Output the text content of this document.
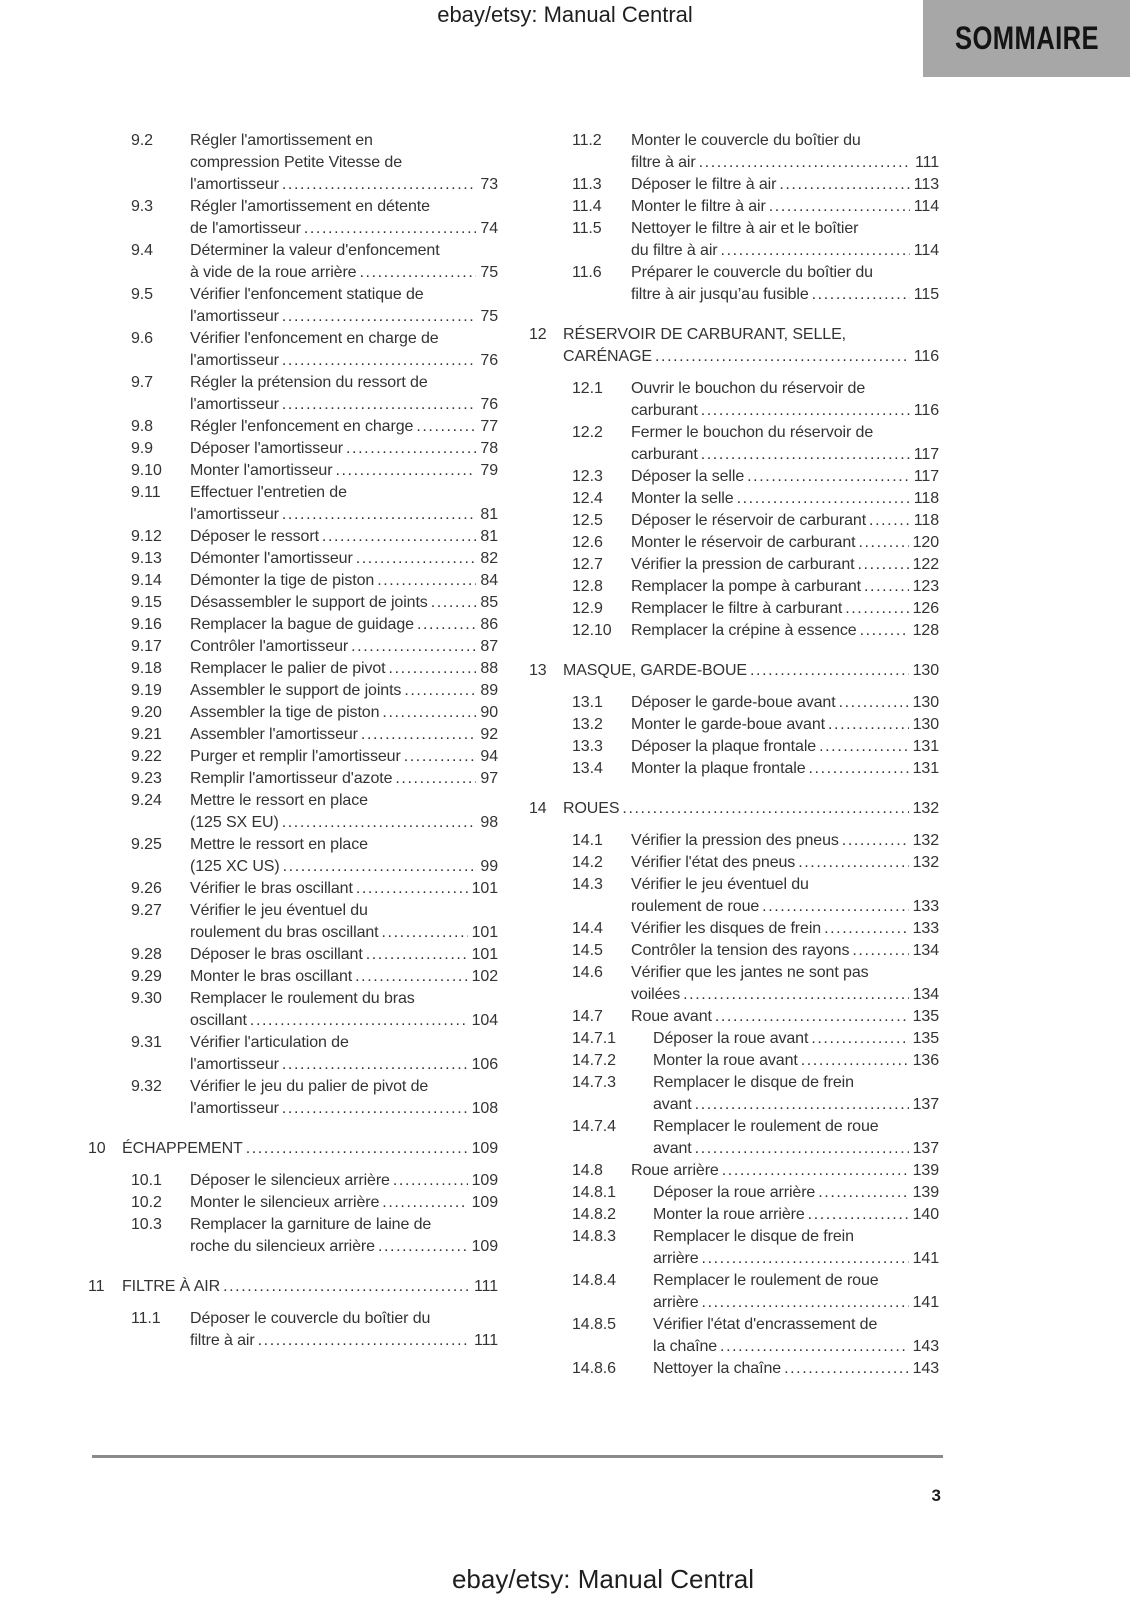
ebay/etsy: Manual Central
SOMMAIRE
9.2	Régler l'amortissement en
compression Petite Vitesse de
l'amortisseur .....	73
9.3	Régler l'amortissement en détente
de l'amortisseur .....	74
9.4	Déterminer la valeur d'enfoncement
à vide de la roue arrière .....	75
9.5	Vérifier l'enfoncement statique de
l'amortisseur .....	75
9.6	Vérifier l'enfoncement en charge de
l'amortisseur .....	76
9.7	Régler la prétension du ressort de
l'amortisseur .....	76
9.8	Régler l'enfoncement en charge .....	77
9.9	Déposer l'amortisseur .....	78
9.10	Monter l'amortisseur .....	79
9.11	Effectuer l'entretien de
l'amortisseur .....	81
9.12	Déposer le ressort .....	81
9.13	Démonter l'amortisseur .....	82
9.14	Démonter la tige de piston .....	84
9.15	Désassembler le support de joints .....	85
9.16	Remplacer la bague de guidage .....	86
9.17	Contrôler l'amortisseur .....	87
9.18	Remplacer le palier de pivot .....	88
9.19	Assembler le support de joints .....	89
9.20	Assembler la tige de piston .....	90
9.21	Assembler l'amortisseur .....	92
9.22	Purger et remplir l'amortisseur .....	94
9.23	Remplir l'amortisseur d'azote .....	97
9.24	Mettre le ressort en place
(125 SX EU) .....	98
9.25	Mettre le ressort en place
(125 XC US) .....	99
9.26	Vérifier le bras oscillant .....	101
9.27	Vérifier le jeu éventuel du
roulement du bras oscillant .....	101
9.28	Déposer le bras oscillant .....	101
9.29	Monter le bras oscillant .....	102
9.30	Remplacer le roulement du bras
oscillant .....	104
9.31	Vérifier l'articulation de
l'amortisseur .....	106
9.32	Vérifier le jeu du palier de pivot de
l'amortisseur .....	108
10	ÉCHAPPEMENT .....	109
10.1	Déposer le silencieux arrière .....	109
10.2	Monter le silencieux arrière .....	109
10.3	Remplacer la garniture de laine de
roche du silencieux arrière .....	109
11	FILTRE À AIR .....	111
11.1	Déposer le couvercle du boîtier du
filtre à air .....	111
11.2	Monter le couvercle du boîtier du
filtre à air .....	111
11.3	Déposer le filtre à air .....	113
11.4	Monter le filtre à air .....	114
11.5	Nettoyer le filtre à air et le boîtier
du filtre à air .....	114
11.6	Préparer le couvercle du boîtier du
filtre à air jusqu’au fusible .....	115
12	RÉSERVOIR DE CARBURANT, SELLE,
CARÉNAGE .....	116
12.1	Ouvrir le bouchon du réservoir de
carburant .....	116
12.2	Fermer le bouchon du réservoir de
carburant .....	117
12.3	Déposer la selle .....	117
12.4	Monter la selle .....	118
12.5	Déposer le réservoir de carburant .....	118
12.6	Monter le réservoir de carburant .....	120
12.7	Vérifier la pression de carburant .....	122
12.8	Remplacer la pompe à carburant .....	123
12.9	Remplacer le filtre à carburant .....	126
12.10	Remplacer la crépine à essence .....	128
13	MASQUE, GARDE-BOUE .....	130
13.1	Déposer le garde-boue avant .....	130
13.2	Monter le garde-boue avant .....	130
13.3	Déposer la plaque frontale .....	131
13.4	Monter la plaque frontale .....	131
14	ROUES .....	132
14.1	Vérifier la pression des pneus .....	132
14.2	Vérifier l'état des pneus .....	132
14.3	Vérifier le jeu éventuel du
roulement de roue .....	133
14.4	Vérifier les disques de frein .....	133
14.5	Contrôler la tension des rayons .....	134
14.6	Vérifier que les jantes ne sont pas
voilées .....	134
14.7	Roue avant .....	135
14.7.1	Déposer la roue avant .....	135
14.7.2	Monter la roue avant .....	136
14.7.3	Remplacer le disque de frein
avant .....	137
14.7.4	Remplacer le roulement de roue
avant .....	137
14.8	Roue arrière .....	139
14.8.1	Déposer la roue arrière .....	139
14.8.2	Monter la roue arrière .....	140
14.8.3	Remplacer le disque de frein
arrière .....	141
14.8.4	Remplacer le roulement de roue
arrière .....	141
14.8.5	Vérifier l'état d'encrassement de
la chaîne .....	143
14.8.6	Nettoyer la chaîne .....	143
3
ebay/etsy: Manual Central
